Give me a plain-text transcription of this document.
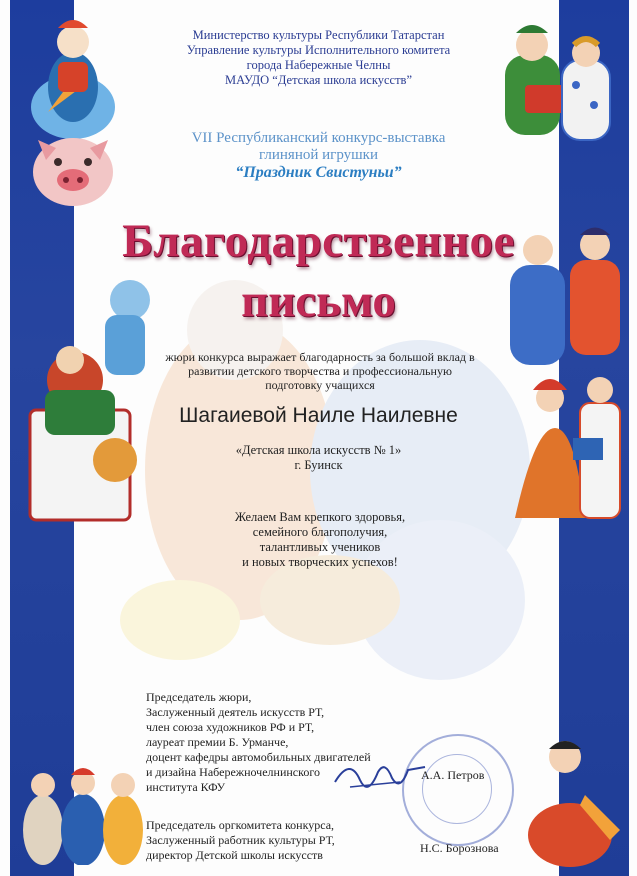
Министерство культуры Республики Татарстан
Управление культуры Исполнительного комитета
города Набережные Челны
МАУДО “Детская школа искусств”
VII Республиканский конкурс-выставка
глиняной игрушки
“Праздник Свистуньи”
Благодарственное
письмо
жюри конкурса выражает благодарность за большой вклад в
развитии детского творчества и профессиональную
подготовку учащихся
Шагаиевой Наиле Наилевне
«Детская школа искусств № 1»
г. Буинск
Желаем Вам крепкого здоровья,
семейного благополучия,
талантливых учеников
и новых творческих успехов!
Председатель жюри,
Заслуженный деятель искусств РТ,
член союза художников РФ и РТ,
лауреат премии Б. Урманче,
доцент кафедры автомобильных двигателей
и дизайна Набережночелнинского
института КФУ
А.А. Петров
Председатель оргкомитета конкурса,
Заслуженный работник культуры РТ,
директор Детской школы искусств	Н.С. Борознова
